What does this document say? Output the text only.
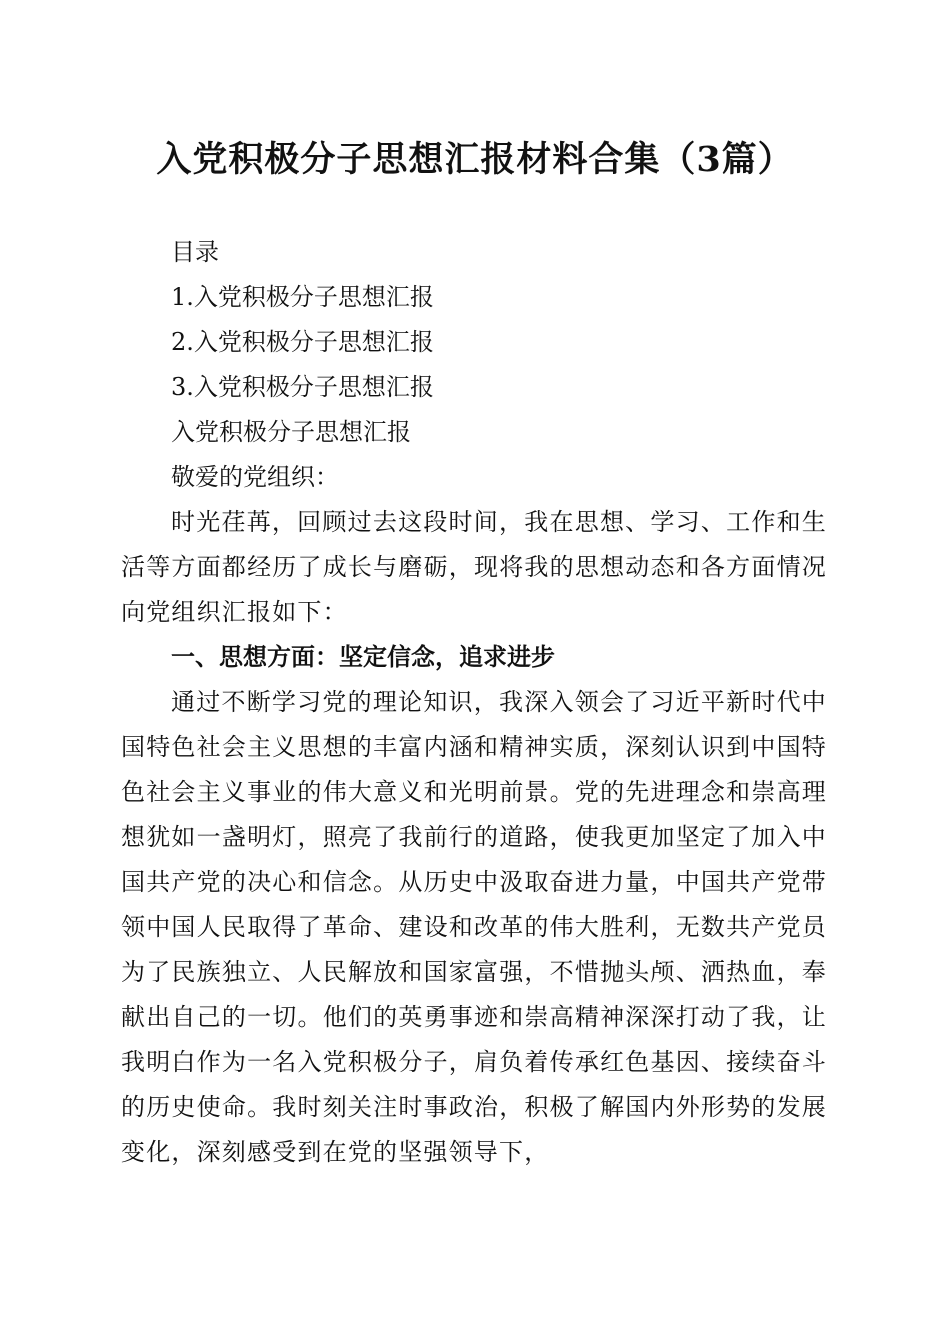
入党积极分子思想汇报材料合集（3篇）

目录

1.入党积极分子思想汇报

2.入党积极分子思想汇报

3.入党积极分子思想汇报

入党积极分子思想汇报

敬爱的党组织：

时光荏苒，回顾过去这段时间，我在思想、学习、工作和生活等方面都经历了成长与磨砺，现将我的思想动态和各方面情况向党组织汇报如下：

一、思想方面：坚定信念，追求进步

通过不断学习党的理论知识，我深入领会了习近平新时代中国特色社会主义思想的丰富内涵和精神实质，深刻认识到中国特色社会主义事业的伟大意义和光明前景。党的先进理念和崇高理想犹如一盏明灯，照亮了我前行的道路，使我更加坚定了加入中国共产党的决心和信念。从历史中汲取奋进力量，中国共产党带领中国人民取得了革命、建设和改革的伟大胜利，无数共产党员为了民族独立、人民解放和国家富强，不惜抛头颅、洒热血，奉献出自己的一切。他们的英勇事迹和崇高精神深深打动了我，让我明白作为一名入党积极分子，肩负着传承红色基因、接续奋斗的历史使命。我时刻关注时事政治，积极了解国内外形势的发展变化，深刻感受到在党的坚强领导下，
